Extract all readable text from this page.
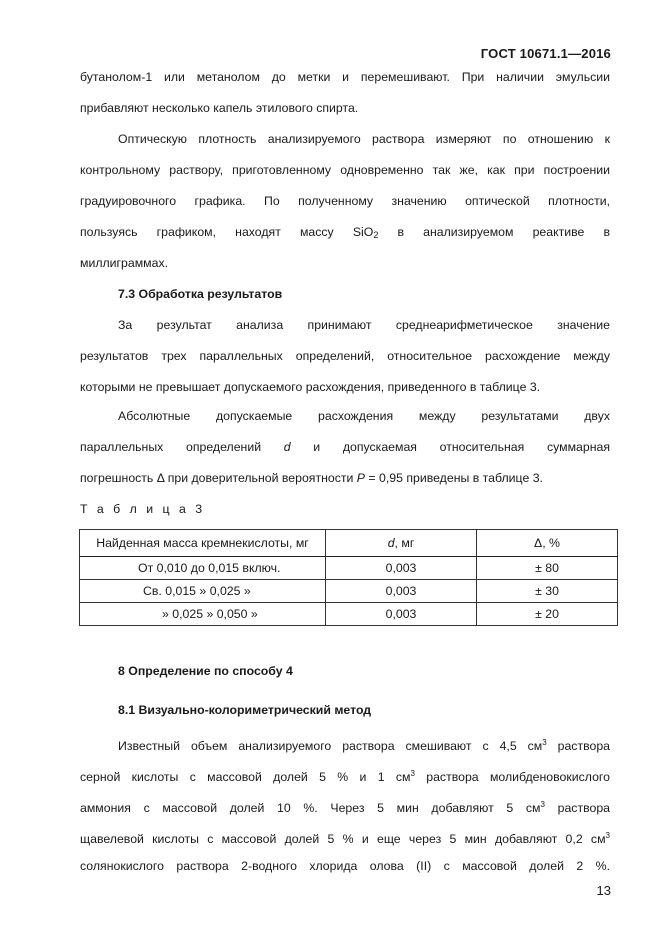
ГОСТ 10671.1—2016
бутанолом-1 или метанолом до метки и перемешивают. При наличии эмульсии
прибавляют несколько капель этилового спирта.
Оптическую плотность анализируемого раствора измеряют по отношению к
контрольному раствору, приготовленному одновременно так же, как при построении
градуировочного графика. По полученному значению оптической плотности,
пользуясь графиком, находят массу SiO$_2$ в анализируемом реактиве в
миллиграммах.
7.3 Обработка результатов
За результат анализа принимают среднеарифметическое значение
результатов трех параллельных определений, относительное расхождение между
которыми не превышает допускаемого расхождения, приведенного в таблице 3.
Абсолютные допускаемые расхождения между результатами двух
параллельных определений d и допускаемая относительная суммарная
погрешность Δ при доверительной вероятности P = 0,95 приведены в таблице 3.
Т а б л и ц а 3
Найденная масса кремнекислоты, мг	d, мг	Δ, %
От 0,010 до 0,015 включ.	0,003	± 80
Св. 0,015 » 0,025 »	0,003	± 30
» 0,025 » 0,050 »	0,003	± 20
8 Определение по способу 4
8.1 Визуально-колориметрический метод
Известный объем анализируемого раствора смешивают с 4,5 $см^3$ раствора
серной кислоты с массовой долей 5 % и 1 $см^3$ раствора молибденовокислого
аммония с массовой долей 10 %. Через 5 мин добавляют 5 $см^3$ раствора
щавелевой кислоты с массовой долей 5 % и еще через 5 мин добавляют 0,2 $см^3$
солянокислого раствора 2-водного хлорида олова (II) с массовой долей 2 %.
13
